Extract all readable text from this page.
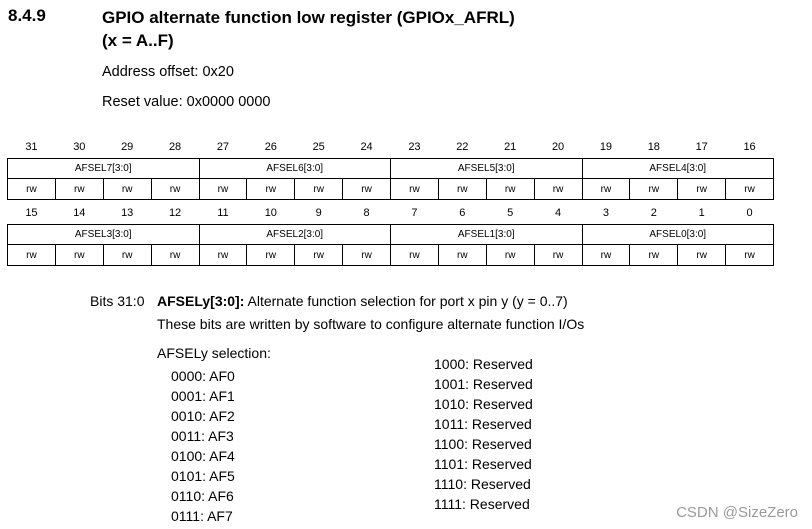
8.4.9	GPIO alternate function low register (GPIOx_AFRL)
(x = A..F)
Address offset: 0x20
Reset value: 0x0000 0000
31	30	29	28	27	26	25	24	23	22	21	20	19	18	17	16
AFSEL7[3:0]				AFSEL6[3:0]				AFSEL5[3:0]				AFSEL4[3:0]			
rw	rw	rw	rw	rw	rw	rw	rw	rw	rw	rw	rw	rw	rw	rw	rw
15	14	13	12	11	10	9	8	7	6	5	4	3	2	1	0
AFSEL3[3:0]				AFSEL2[3:0]				AFSEL1[3:0]				AFSEL0[3:0]			
rw	rw	rw	rw	rw	rw	rw	rw	rw	rw	rw	rw	rw	rw	rw	rw
Bits 31:0 AFSELy[3:0]: Alternate function selection for port x pin y (y = 0..7)
These bits are written by software to configure alternate function I/Os
AFSELy selection:
0000: AF0
0001: AF1
0010: AF2
0011: AF3
0100: AF4
0101: AF5
0110: AF6
0111: AF7
1000: Reserved
1001: Reserved
1010: Reserved
1011: Reserved
1100: Reserved
1101: Reserved
1110: Reserved
1111: Reserved	CSDN @SizeZero
